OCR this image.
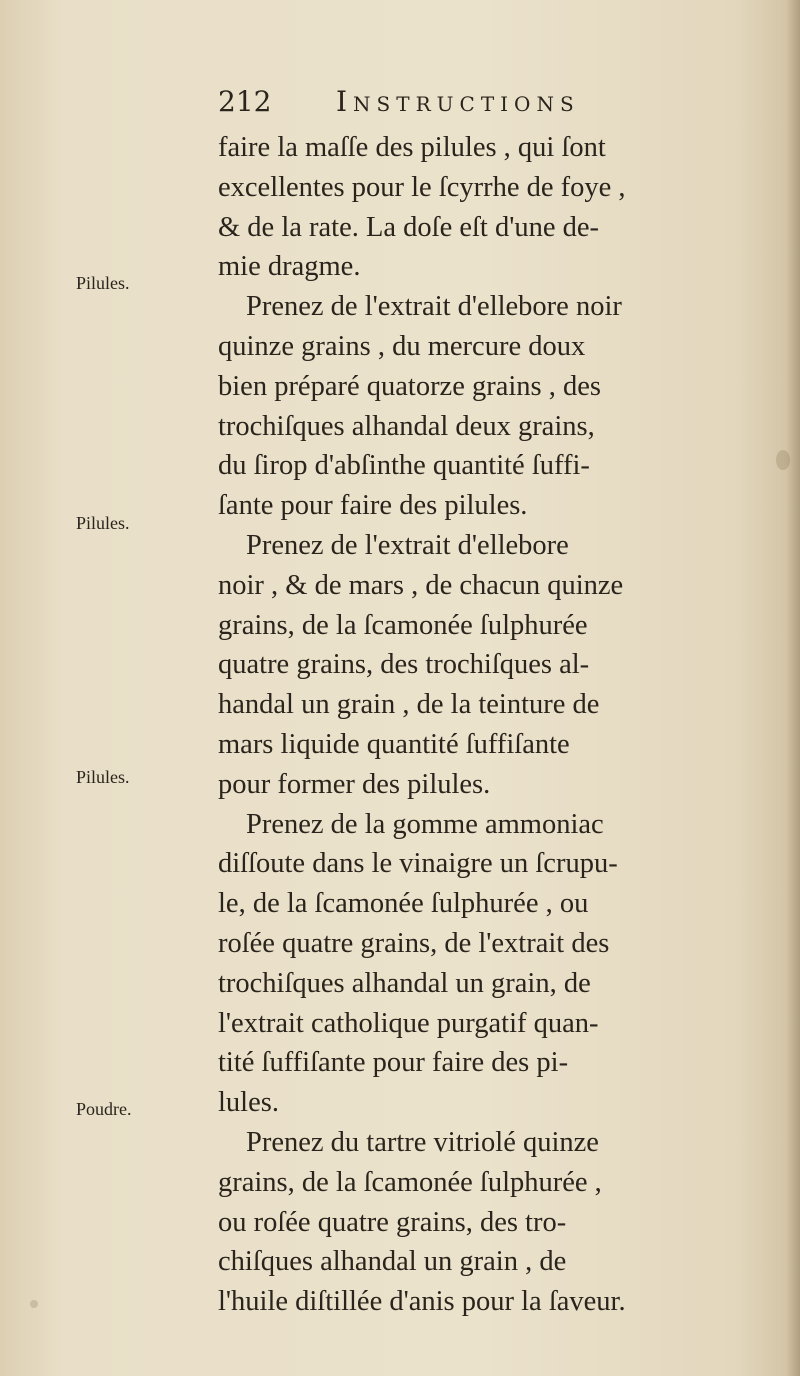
212 Instructions
Pilules.
Pilules.
Pilules.
Poudre.
faire la maſſe des pilules , qui ſont
excellentes pour le ſcyrrhe de foye ,
& de la rate. La doſe eſt d'une de-
mie dragme.
Prenez de l'extrait d'ellebore noir
quinze grains , du mercure doux
bien préparé quatorze grains , des
trochiſques alhandal deux grains,
du ſirop d'abſinthe quantité ſuffi-
ſante pour faire des pilules.
Prenez de l'extrait d'ellebore
noir , & de mars , de chacun quinze
grains, de la ſcamonée ſulphurée
quatre grains, des trochiſques al-
handal un grain , de la teinture de
mars liquide quantité ſuffiſante
pour former des pilules.
Prenez de la gomme ammoniac
diſſoute dans le vinaigre un ſcrupu-
le, de la ſcamonée ſulphurée , ou
roſée quatre grains, de l'extrait des
trochiſques alhandal un grain, de
l'extrait catholique purgatif quan-
tité ſuffiſante pour faire des pi-
lules.
Prenez du tartre vitriolé quinze
grains, de la ſcamonée ſulphurée ,
ou roſée quatre grains, des tro-
chiſques alhandal un grain , de
l'huile diſtillée d'anis pour la ſaveur.
